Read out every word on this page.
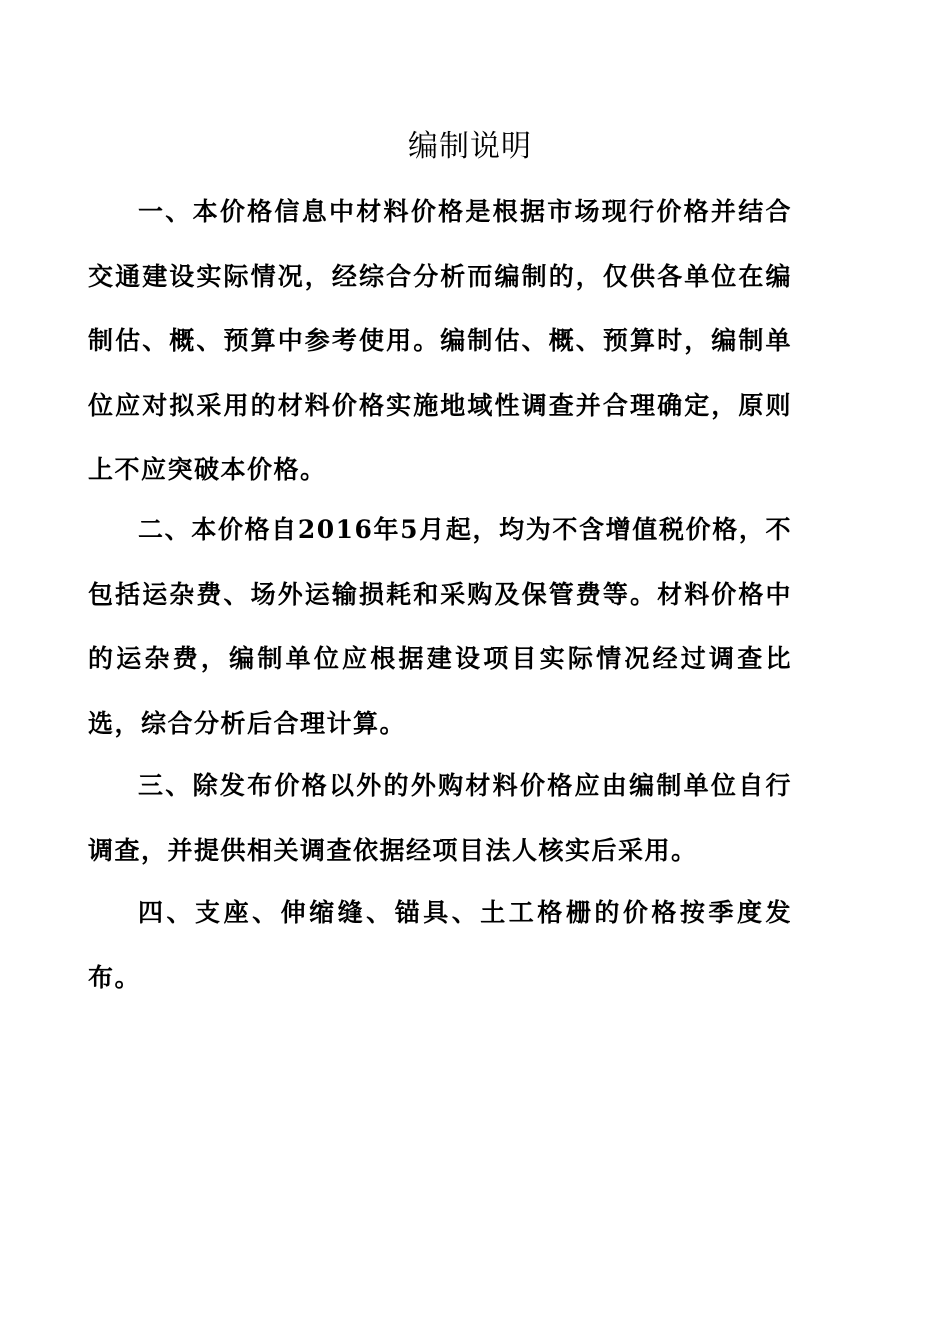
编制说明

一、本价格信息中材料价格是根据市场现行价格并结合交通建设实际情况，经综合分析而编制的，仅供各单位在编制估、概、预算中参考使用。编制估、概、预算时，编制单位应对拟采用的材料价格实施地域性调查并合理确定，原则上不应突破本价格。

二、本价格自2016年5月起，均为不含增值税价格，不包括运杂费、场外运输损耗和采购及保管费等。材料价格中的运杂费，编制单位应根据建设项目实际情况经过调查比选，综合分析后合理计算。

三、除发布价格以外的外购材料价格应由编制单位自行调查，并提供相关调查依据经项目法人核实后采用。

四、支座、伸缩缝、锚具、土工格栅的价格按季度发布。
